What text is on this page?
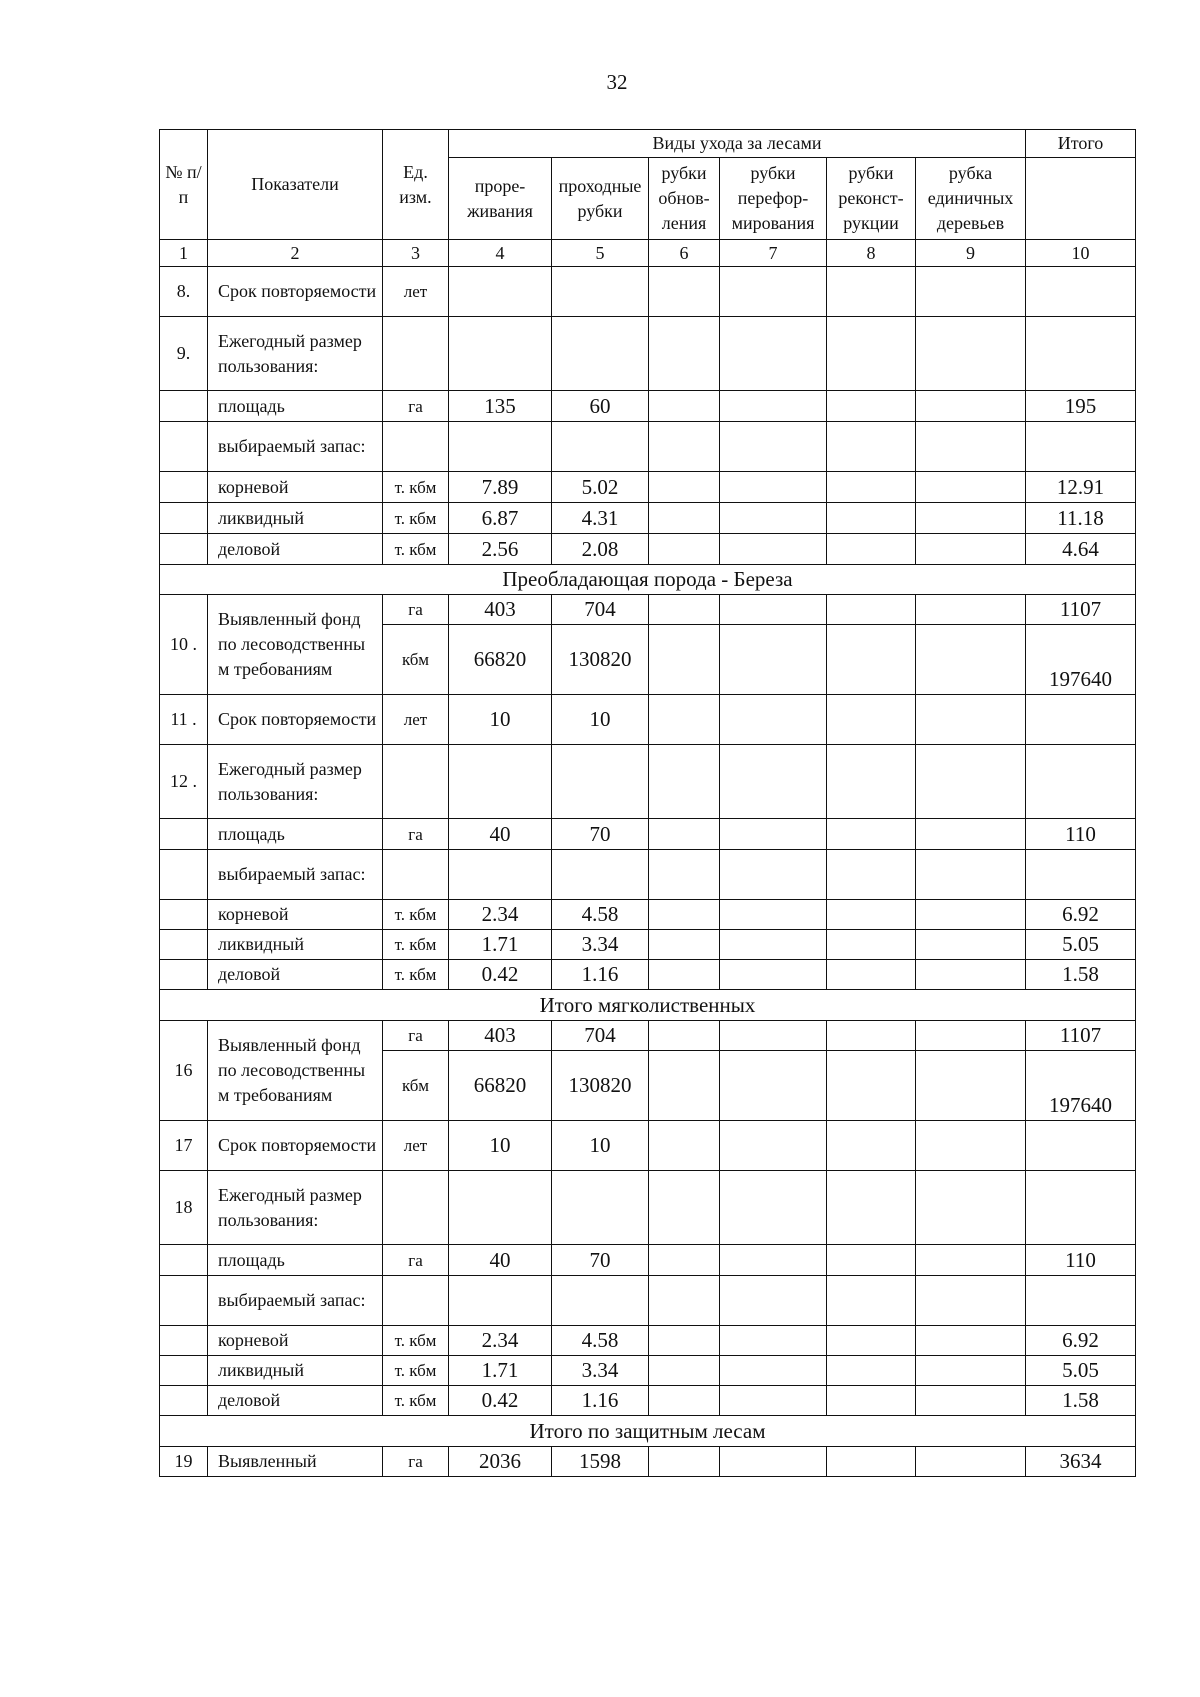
32
№ п/п	Показатели	Ед. изм.	Виды ухода за лесами						Итого
			проре-живания	проходные рубки	рубки обнов-ления	рубки перефор-мирования	рубки реконст-рукции	рубка единичных деревьев	
1	2	3	4	5	6	7	8	9	10
8.	Срок повторяемости	лет							
9.	Ежегодный размер пользования:								
	площадь	га	135	60					195
	выбираемый запас:								
	корневой	т. кбм	7.89	5.02					12.91
	ликвидный	т. кбм	6.87	4.31					11.18
	деловой	т. кбм	2.56	2.08					4.64
Преобладающая порода - Береза									
10 .	Выявленный фонд по лесоводственны м требованиям	га	403	704					1107
		кбм	66820	130820					197640
11 .	Срок повторяемости	лет	10	10					
12 .	Ежегодный размер пользования:								
	площадь	га	40	70					110
	выбираемый запас:								
	корневой	т. кбм	2.34	4.58					6.92
	ликвидный	т. кбм	1.71	3.34					5.05
	деловой	т. кбм	0.42	1.16					1.58
Итого мягколиственных									
16	Выявленный фонд по лесоводственны м требованиям	га	403	704					1107
		кбм	66820	130820					197640
17	Срок повторяемости	лет	10	10					
18	Ежегодный размер пользования:								
	площадь	га	40	70					110
	выбираемый запас:								
	корневой	т. кбм	2.34	4.58					6.92
	ликвидный	т. кбм	1.71	3.34					5.05
	деловой	т. кбм	0.42	1.16					1.58
Итого по защитным лесам									
19	Выявленный	га	2036	1598					3634
